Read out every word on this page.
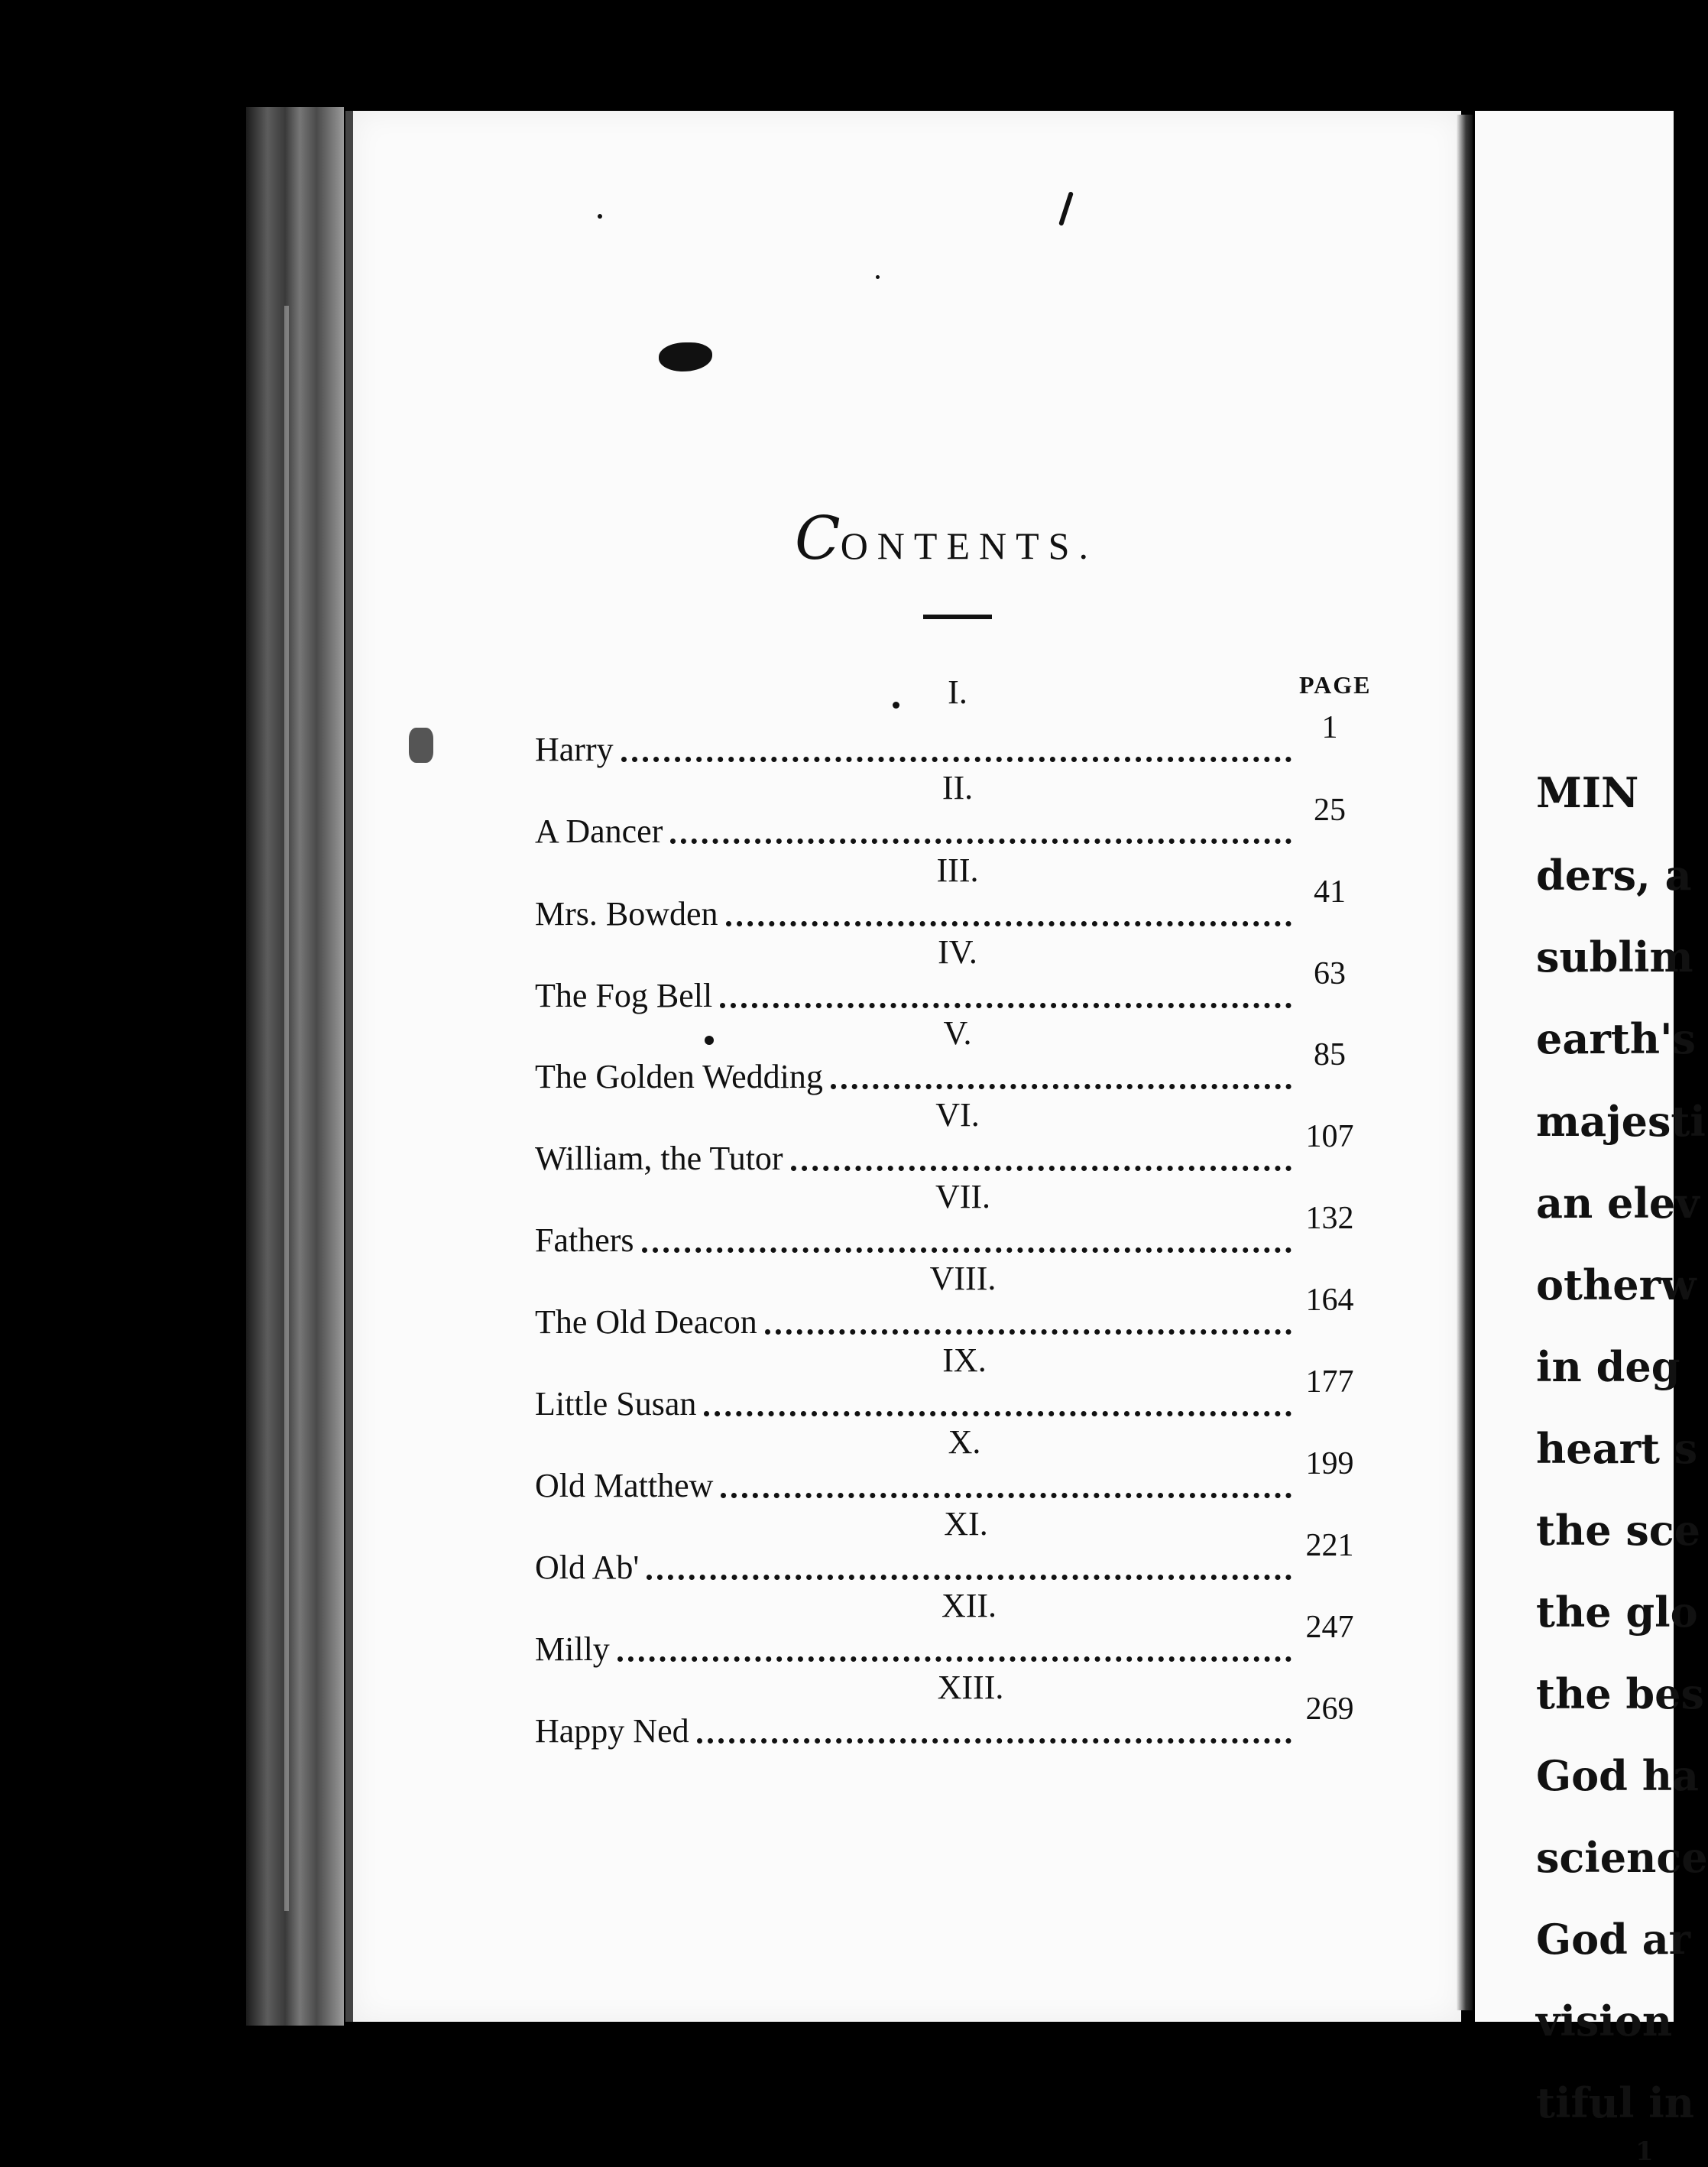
MIN
ders, a
sublim
earth's
majesti
an elev
otherw
in deg
heart s
the sce
the glo
the bes
God ha
science
God ar
vision
tiful in
1
CONTENTS.
PAGE
I.
Harry
1
II.
A Dancer
25
III.
Mrs. Bowden
41
IV.
The Fog Bell
63
V.
The Golden Wedding
85
VI.
William, the Tutor
107
VII.
Fathers
132
VIII.
The Old Deacon
164
IX.
Little Susan
177
X.
Old Matthew
199
XI.
Old Ab'
221
XII.
Milly
247
XIII.
Happy Ned
269
